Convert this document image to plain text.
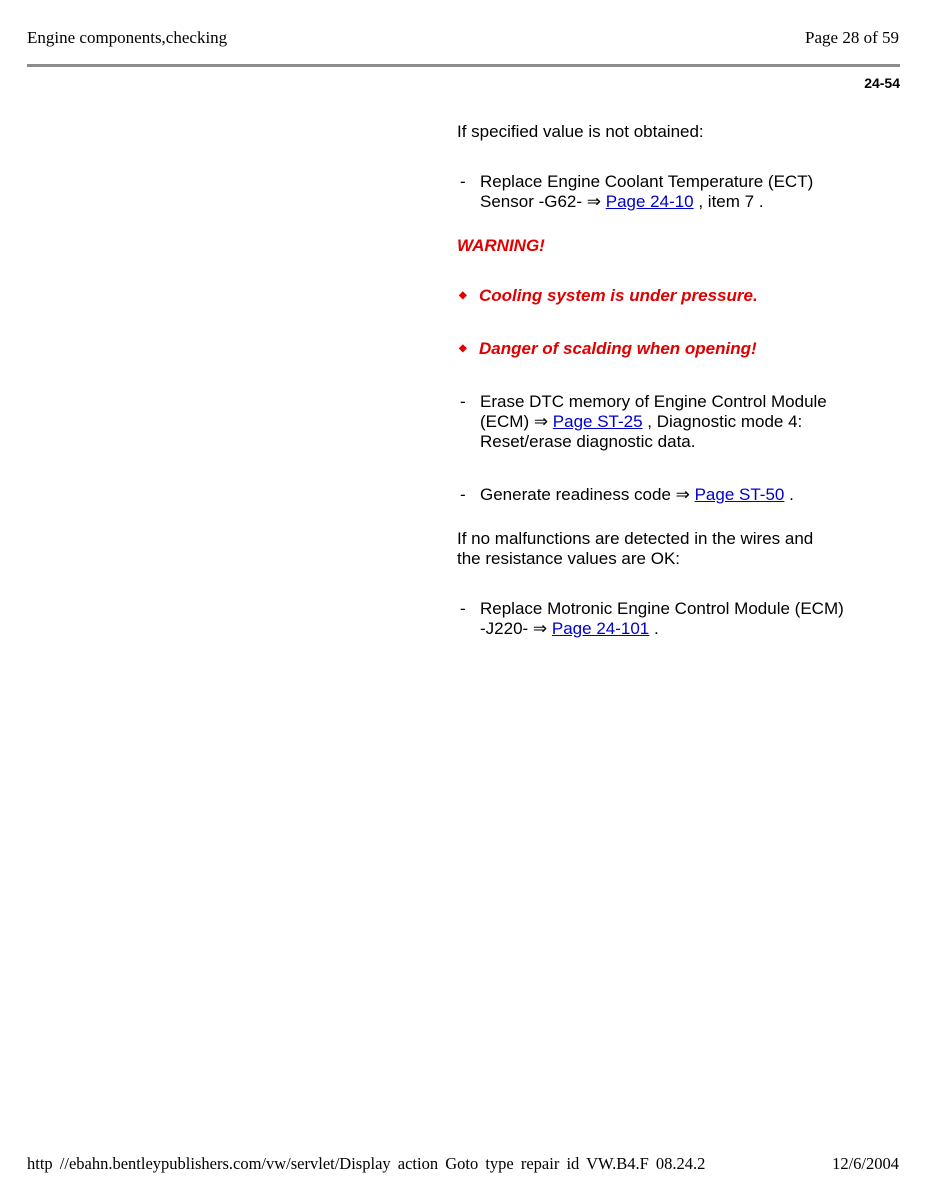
Engine components,checking	Page 28 of 59
24-54

If specified value is not obtained:

- Replace Engine Coolant Temperature (ECT)
Sensor -G62- ⇒ Page 24-10 , item 7 .

WARNING!

◆ Cooling system is under pressure.
◆ Danger of scalding when opening!
- Erase DTC memory of Engine Control Module
(ECM) ⇒ Page ST-25 , Diagnostic mode 4:
Reset/erase diagnostic data.
- Generate readiness code ⇒ Page ST-50 .

If no malfunctions are detected in the wires and
the resistance values are OK:

- Replace Motronic Engine Control Module (ECM)
-J220- ⇒ Page 24-101 .
http //ebahn.bentleypublishers.com/vw/servlet/Display action Goto type repair id VW.B4.F 08.24.2	12/6/2004
